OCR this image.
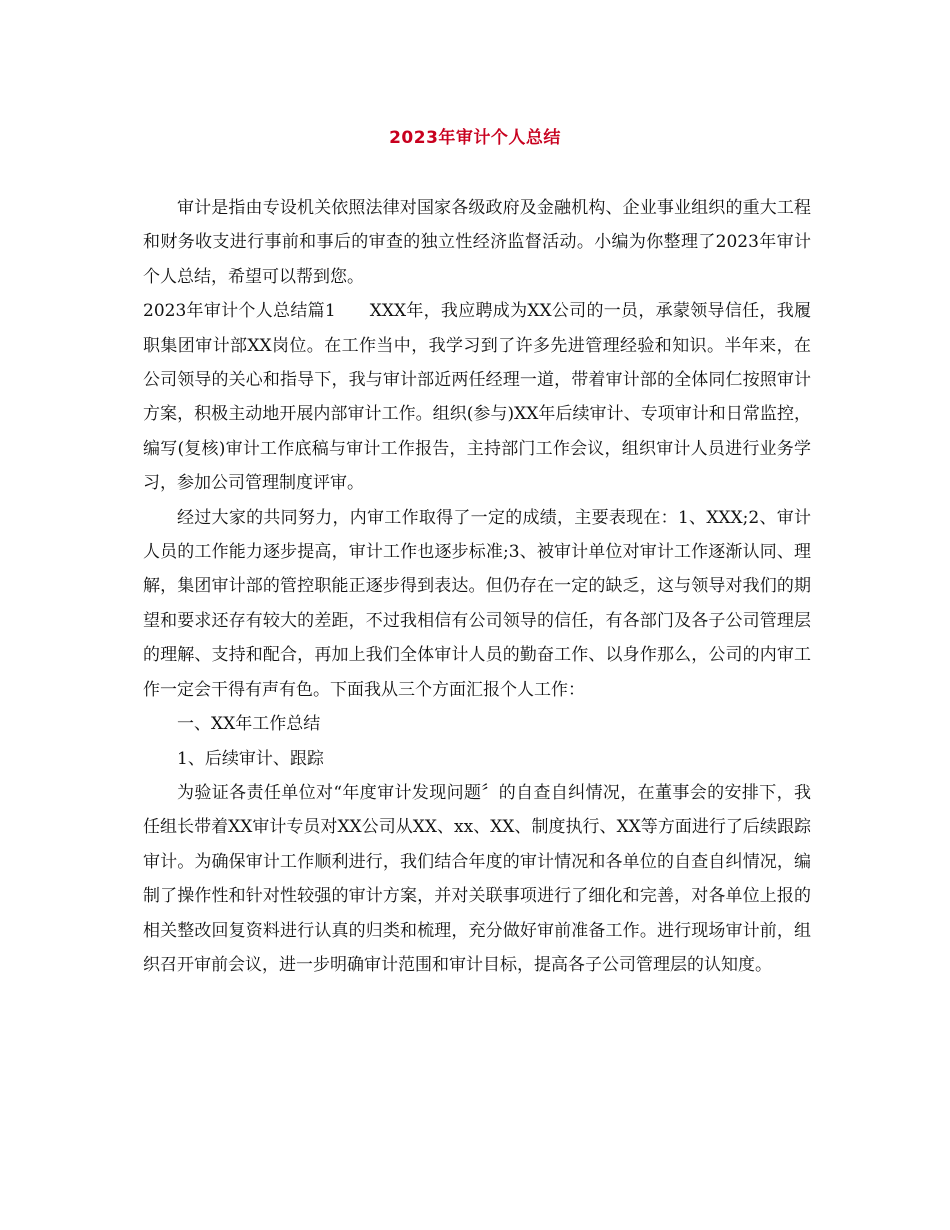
2023年审计个人总结

审计是指由专设机关依照法律对国家各级政府及金融机构、企业事业组织的重大工程和财务收支进行事前和事后的审查的独立性经济监督活动。小编为你整理了2023年审计个人总结，希望可以帮到您。

2023年审计个人总结篇1 XXX年，我应聘成为XX公司的一员，承蒙领导信任，我履职集团审计部XX岗位。在工作当中，我学习到了许多先进管理经验和知识。半年来，在公司领导的关心和指导下，我与审计部近两任经理一道，带着审计部的全体同仁按照审计方案，积极主动地开展内部审计工作。组织(参与)XX年后续审计、专项审计和日常监控，编写(复核)审计工作底稿与审计工作报告，主持部门工作会议，组织审计人员进行业务学习，参加公司管理制度评审。

经过大家的共同努力，内审工作取得了一定的成绩，主要表现在：1、XXX;2、审计人员的工作能力逐步提高，审计工作也逐步标准;3、被审计单位对审计工作逐渐认同、理解，集团审计部的管控职能正逐步得到表达。但仍存在一定的缺乏，这与领导对我们的期望和要求还存有较大的差距，不过我相信有公司领导的信任，有各部门及各子公司管理层的理解、支持和配合，再加上我们全体审计人员的勤奋工作、以身作那么，公司的内审工作一定会干得有声有色。下面我从三个方面汇报个人工作：

一、XX年工作总结

1、后续审计、跟踪

为验证各责任单位对“年度审计发现问题〞的自查自纠情况，在董事会的安排下，我任组长带着XX审计专员对XX公司从XX、xx、XX、制度执行、XX等方面进行了后续跟踪审计。为确保审计工作顺利进行，我们结合年度的审计情况和各单位的自查自纠情况，编制了操作性和针对性较强的审计方案，并对关联事项进行了细化和完善，对各单位上报的相关整改回复资料进行认真的归类和梳理，充分做好审前准备工作。进行现场审计前，组织召开审前会议，进一步明确审计范围和审计目标，提高各子公司管理层的认知度。
